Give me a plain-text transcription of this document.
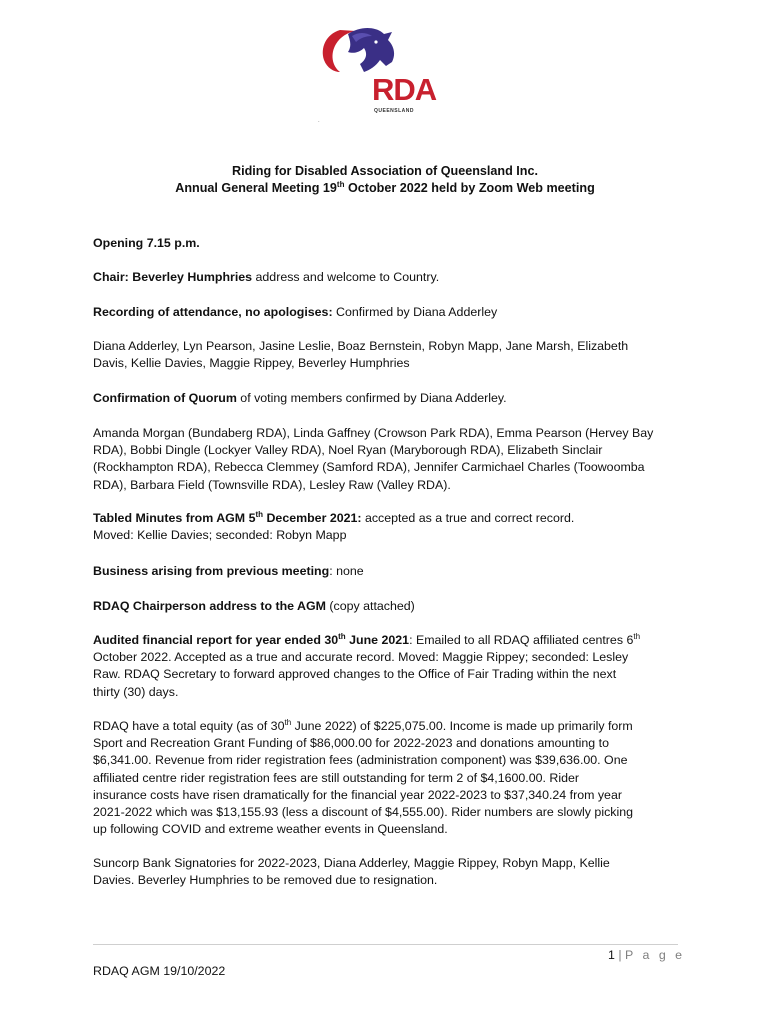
RDA
QUEENSLAND
.
Riding for Disabled Association of Queensland Inc.
Annual General Meeting 19th October 2022 held by Zoom Web meeting
Opening 7.15 p.m.
Chair: Beverley Humphries address and welcome to Country.
Recording of attendance, no apologises: Confirmed by Diana Adderley
Diana Adderley, Lyn Pearson, Jasine Leslie, Boaz Bernstein, Robyn Mapp, Jane Marsh, Elizabeth
Davis, Kellie Davies, Maggie Rippey, Beverley Humphries
Confirmation of Quorum of voting members confirmed by Diana Adderley.
Amanda Morgan (Bundaberg RDA), Linda Gaffney (Crowson Park RDA), Emma Pearson (Hervey Bay
RDA), Bobbi Dingle (Lockyer Valley RDA), Noel Ryan (Maryborough RDA), Elizabeth Sinclair
(Rockhampton RDA), Rebecca Clemmey (Samford RDA), Jennifer Carmichael Charles (Toowoomba
RDA), Barbara Field (Townsville RDA), Lesley Raw (Valley RDA).
Tabled Minutes from AGM 5th December 2021: accepted as a true and correct record.
Moved: Kellie Davies; seconded: Robyn Mapp
Business arising from previous meeting: none
RDAQ Chairperson address to the AGM (copy attached)
Audited financial report for year ended 30th June 2021: Emailed to all RDAQ affiliated centres 6th
October 2022. Accepted as a true and accurate record. Moved: Maggie Rippey; seconded: Lesley
Raw. RDAQ Secretary to forward approved changes to the Office of Fair Trading within the next
thirty (30) days.
RDAQ have a total equity (as of 30th June 2022) of $225,075.00. Income is made up primarily form
Sport and Recreation Grant Funding of $86,000.00 for 2022-2023 and donations amounting to
$6,341.00. Revenue from rider registration fees (administration component) was $39,636.00. One
affiliated centre rider registration fees are still outstanding for term 2 of $4,1600.00. Rider
insurance costs have risen dramatically for the financial year 2022-2023 to $37,340.24 from year
2021-2022 which was $13,155.93 (less a discount of $4,555.00). Rider numbers are slowly picking
up following COVID and extreme weather events in Queensland.
Suncorp Bank Signatories for 2022-2023, Diana Adderley, Maggie Rippey, Robyn Mapp, Kellie
Davies. Beverley Humphries to be removed due to resignation.
1 | P a g e
RDAQ AGM 19/10/2022
